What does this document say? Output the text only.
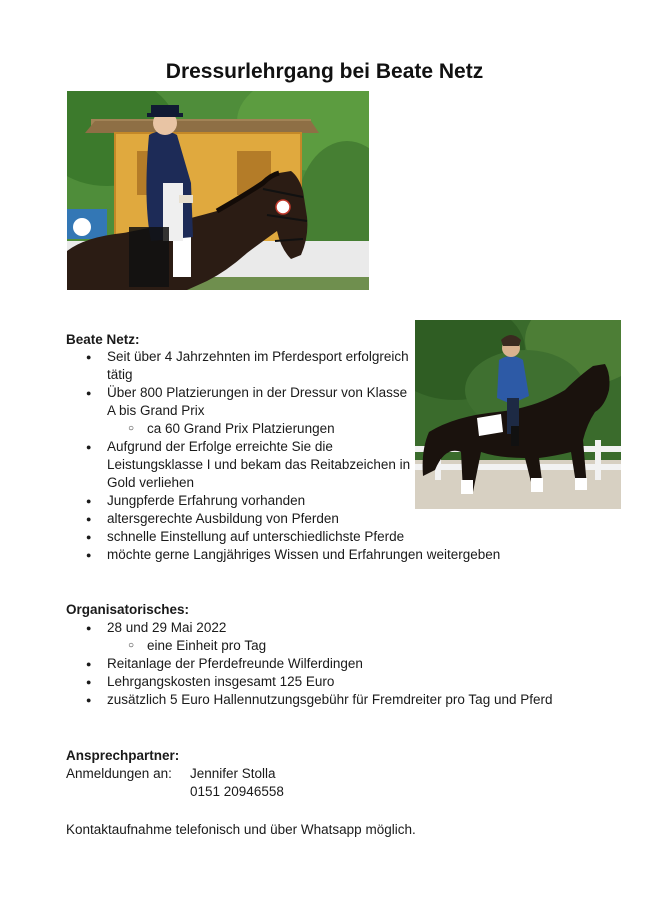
Dressurlehrgang bei Beate Netz

Beate Netz:

● Seit über 4 Jahrzehnten im Pferdesport erfolgreich tätig
● Über 800 Platzierungen in der Dressur von Klasse A bis Grand Prix
○ ca 60 Grand Prix Platzierungen
● Aufgrund der Erfolge erreichte Sie die Leistungsklasse I und bekam das Reitabzeichen in Gold verliehen
● Jungpferde Erfahrung vorhanden
● altersgerechte Ausbildung von Pferden
● schnelle Einstellung auf unterschiedlichste Pferde
● möchte gerne Langjähriges Wissen und Erfahrungen weitergeben

Organisatorisches:

● 28 und 29 Mai 2022
○ eine Einheit pro Tag
● Reitanlage der Pferdefreunde Wilferdingen
● Lehrgangskosten insgesamt 125 Euro
● zusätzlich 5 Euro Hallennutzungsgebühr für Fremdreiter pro Tag und Pferd

Ansprechpartner:

Anmeldungen an: Jennifer Stolla
0151 20946558

Kontaktaufnahme telefonisch und über Whatsapp möglich.
